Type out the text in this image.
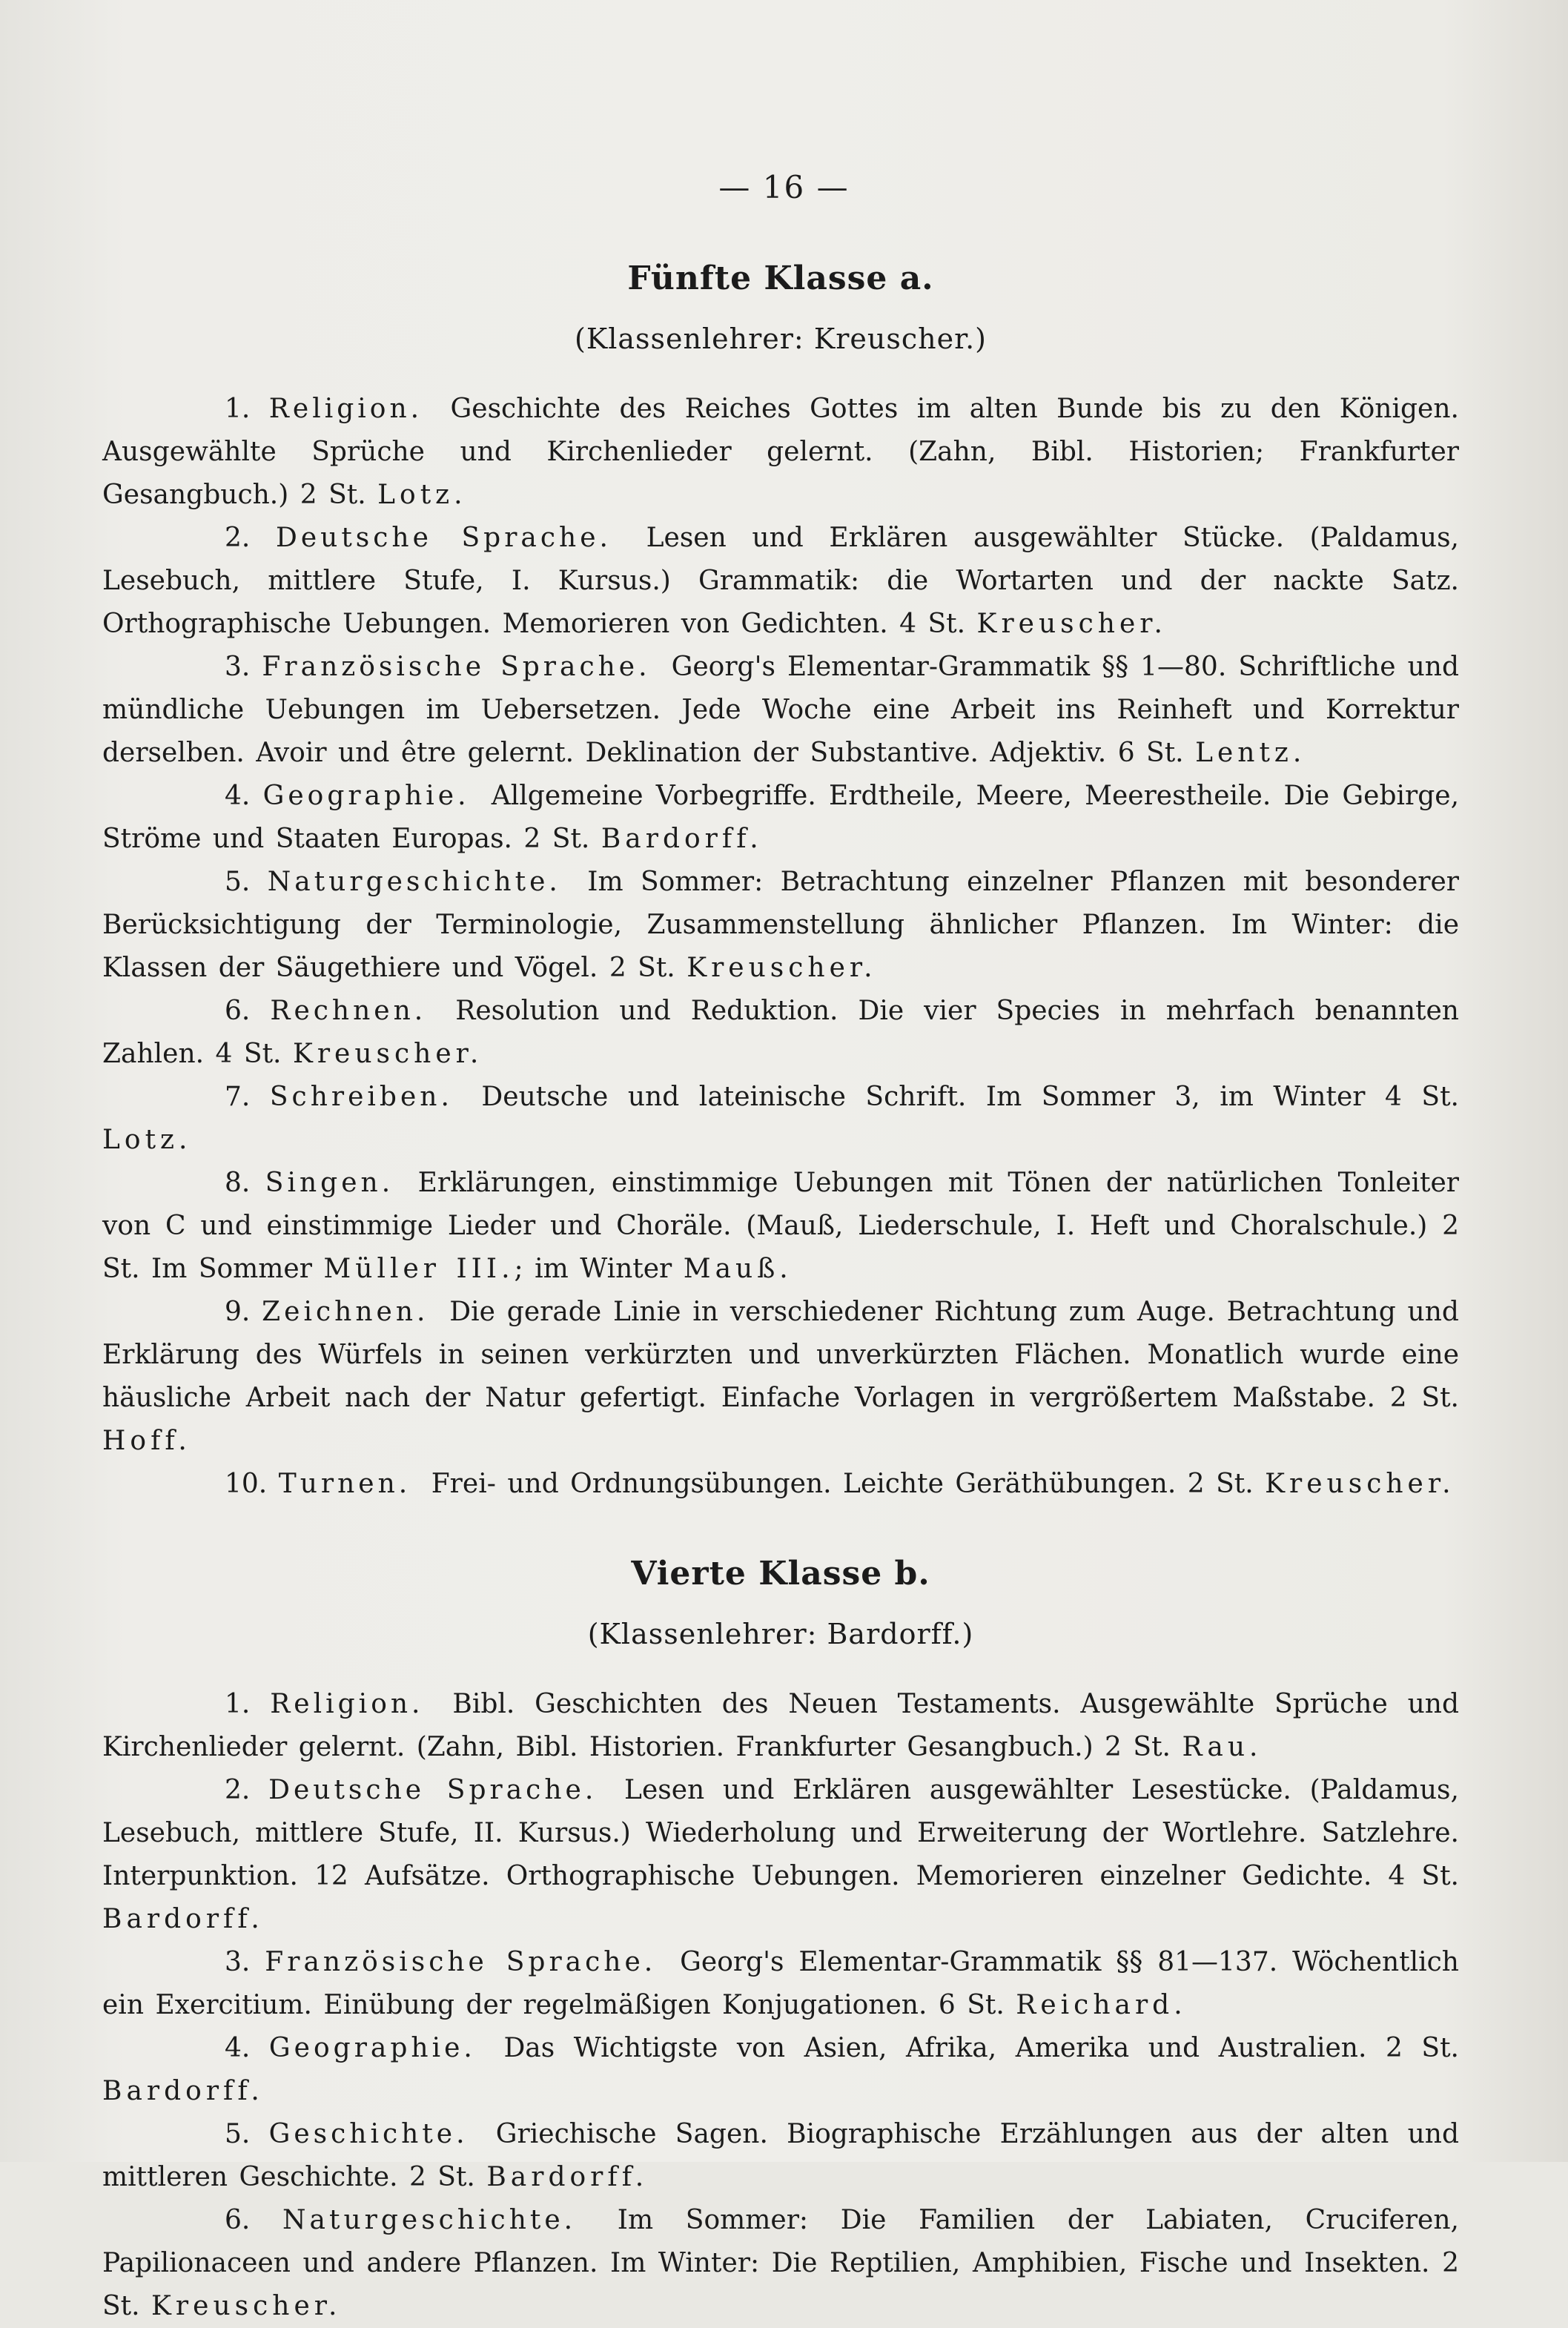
— 16 —
Fünfte Klasse a.

(Klassenlehrer: Kreuscher.)

1. Religion. Geschichte des Reiches Gottes im alten Bunde bis zu den Königen. Ausgewählte Sprüche und Kirchenlieder gelernt. (Zahn, Bibl. Historien; Frankfurter Gesangbuch.) 2 St. Lotz.
2. Deutsche Sprache. Lesen und Erklären ausgewählter Stücke. (Paldamus, Lesebuch, mittlere Stufe, I. Kursus.) Grammatik: die Wortarten und der nackte Satz. Orthographische Uebungen. Memorieren von Gedichten. 4 St. Kreuscher.
3. Französische Sprache. Georg's Elementar-Grammatik §§ 1—80. Schriftliche und mündliche Uebungen im Uebersetzen. Jede Woche eine Arbeit ins Reinheft und Korrektur derselben. Avoir und être gelernt. Deklination der Substantive. Adjektiv. 6 St. Lentz.
4. Geographie. Allgemeine Vorbegriffe. Erdtheile, Meere, Meerestheile. Die Gebirge, Ströme und Staaten Europas. 2 St. Bardorff.
5. Naturgeschichte. Im Sommer: Betrachtung einzelner Pflanzen mit besonderer Berücksichtigung der Terminologie, Zusammenstellung ähnlicher Pflanzen. Im Winter: die Klassen der Säugethiere und Vögel. 2 St. Kreuscher.
6. Rechnen. Resolution und Reduktion. Die vier Species in mehrfach benannten Zahlen. 4 St. Kreuscher.
7. Schreiben. Deutsche und lateinische Schrift. Im Sommer 3, im Winter 4 St. Lotz.
8. Singen. Erklärungen, einstimmige Uebungen mit Tönen der natürlichen Tonleiter von C und einstimmige Lieder und Choräle. (Mauß, Liederschule, I. Heft und Choralschule.) 2 St. Im Sommer Müller III.; im Winter Mauß.
9. Zeichnen. Die gerade Linie in verschiedener Richtung zum Auge. Betrachtung und Erklärung des Würfels in seinen verkürzten und unverkürzten Flächen. Monatlich wurde eine häusliche Arbeit nach der Natur gefertigt. Einfache Vorlagen in vergrößertem Maßstabe. 2 St. Hoff.
10. Turnen. Frei- und Ordnungsübungen. Leichte Geräthübungen. 2 St. Kreuscher.
Vierte Klasse b.

(Klassenlehrer: Bardorff.)

1. Religion. Bibl. Geschichten des Neuen Testaments. Ausgewählte Sprüche und Kirchenlieder gelernt. (Zahn, Bibl. Historien. Frankfurter Gesangbuch.) 2 St. Rau.
2. Deutsche Sprache. Lesen und Erklären ausgewählter Lesestücke. (Paldamus, Lesebuch, mittlere Stufe, II. Kursus.) Wiederholung und Erweiterung der Wortlehre. Satzlehre. Interpunktion. 12 Aufsätze. Orthographische Uebungen. Memorieren einzelner Gedichte. 4 St. Bardorff.
3. Französische Sprache. Georg's Elementar-Grammatik §§ 81—137. Wöchentlich ein Exercitium. Einübung der regelmäßigen Konjugationen. 6 St. Reichard.
4. Geographie. Das Wichtigste von Asien, Afrika, Amerika und Australien. 2 St. Bardorff.
5. Geschichte. Griechische Sagen. Biographische Erzählungen aus der alten und mittleren Geschichte. 2 St. Bardorff.
6. Naturgeschichte. Im Sommer: Die Familien der Labiaten, Cruciferen, Papilionaceen und andere Pflanzen. Im Winter: Die Reptilien, Amphibien, Fische und Insekten. 2 St. Kreuscher.
